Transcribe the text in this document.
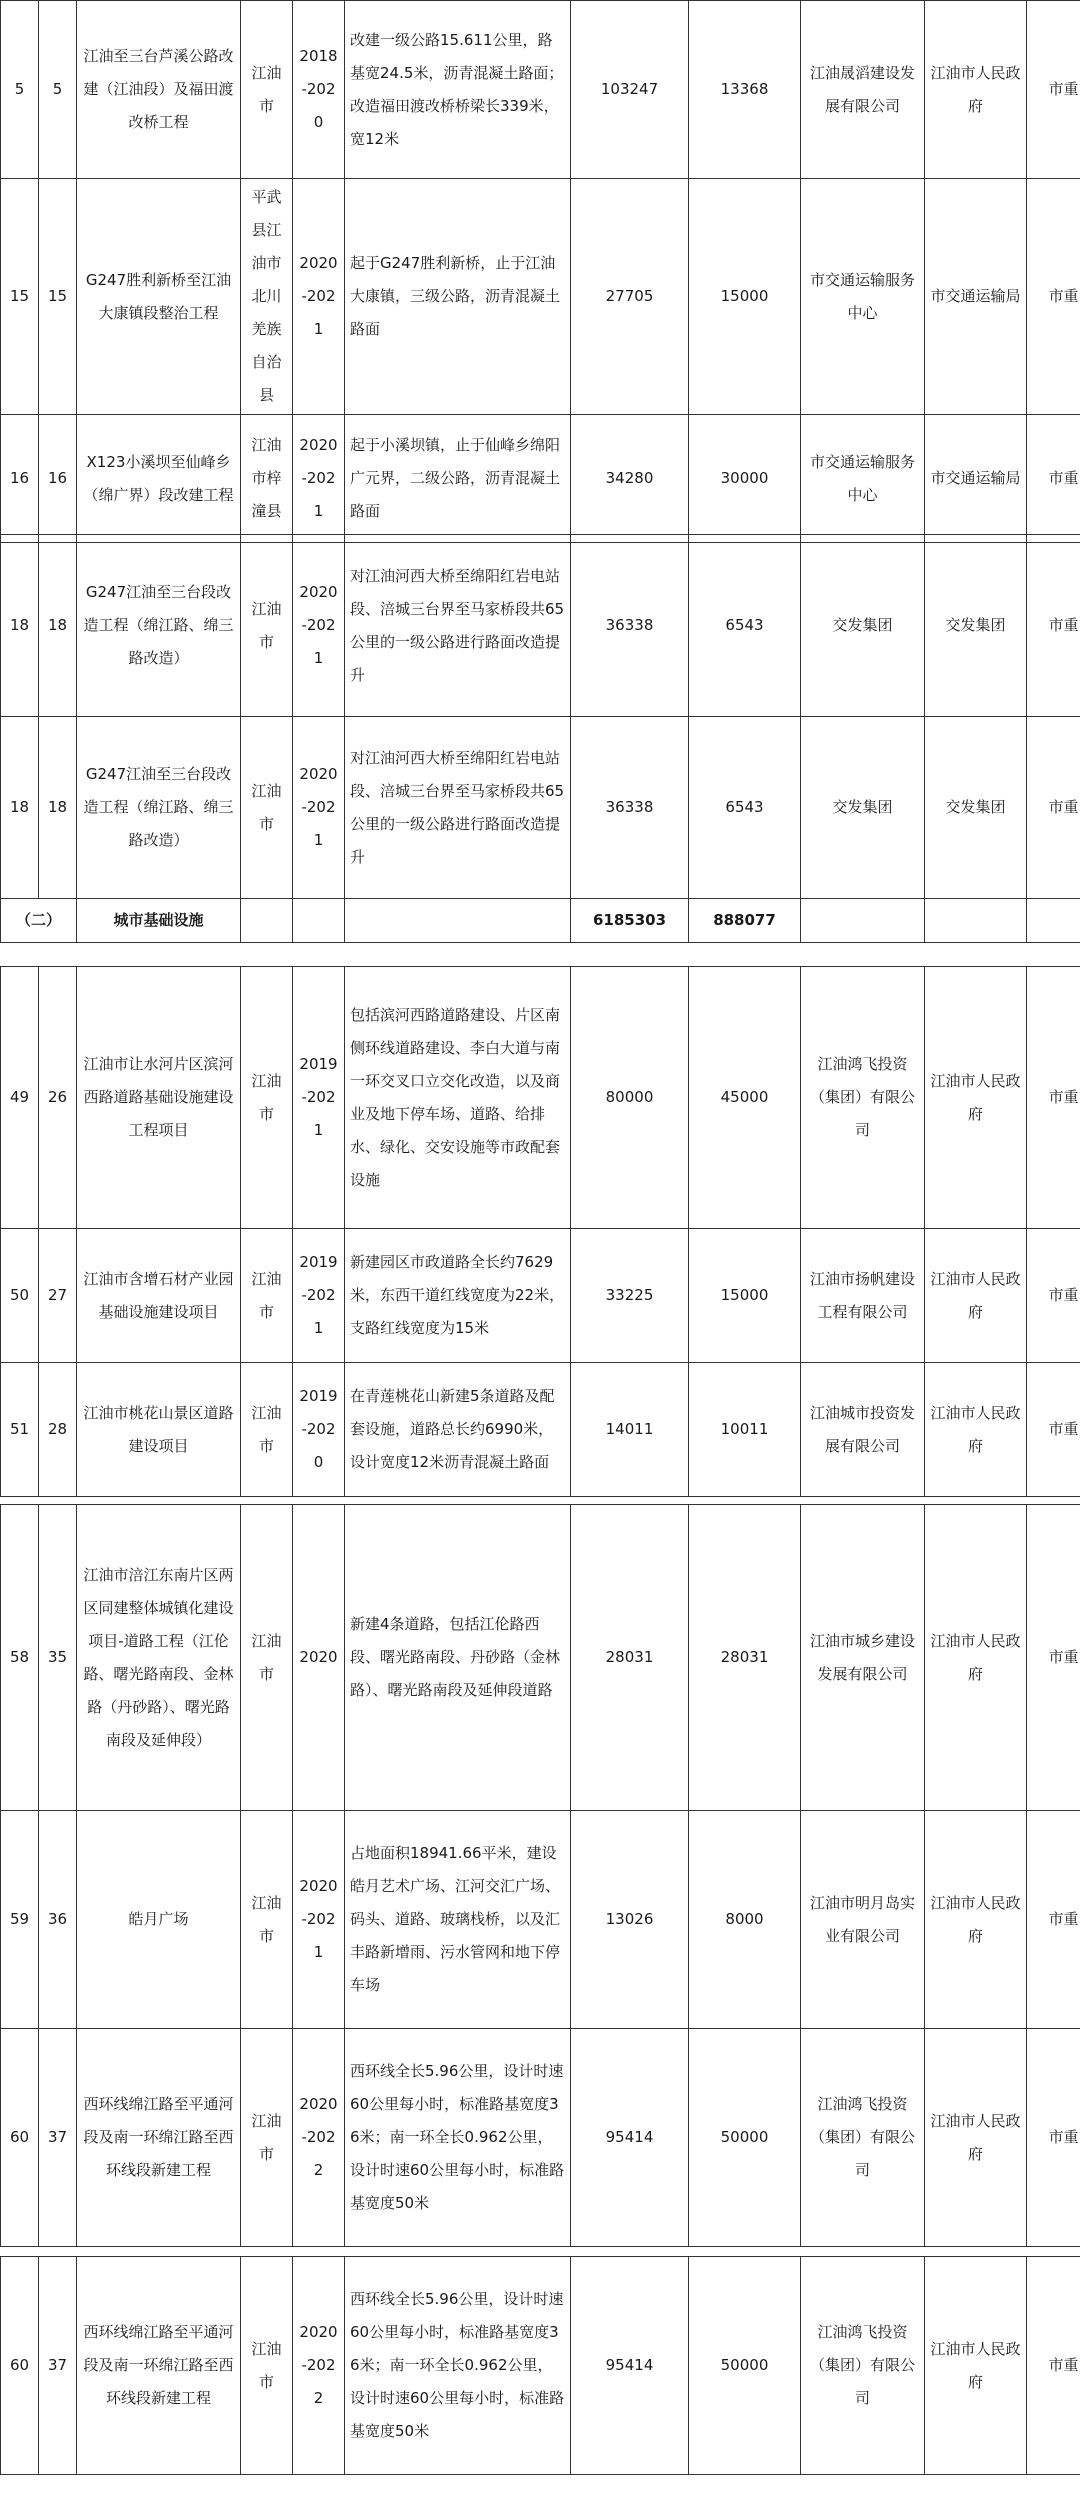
5	5	江油至三台芦溪公路改建（江油段）及福田渡改桥工程	江油市	2018-2020	改建一级公路15.611公里，路基宽24.5米，沥青混凝土路面；改造福田渡改桥桥梁长339米，宽12米	103247	13368	江油晟滔建设发展有限公司	江油市人民政府	市重
15	15	G247胜利新桥至江油大康镇段整治工程	平武县江油市北川羌族自治县	2020-2021	起于G247胜利新桥，止于江油大康镇，三级公路，沥青混凝土路面	27705	15000	市交通运输服务中心	市交通运输局	市重
16	16	X123小溪坝至仙峰乡（绵广界）段改建工程	江油市梓潼县	2020-2021	起于小溪坝镇，止于仙峰乡绵阳广元界，二级公路，沥青混凝土路面	34280	30000	市交通运输服务中心	市交通运输局	市重
18	18	G247江油至三台段改造工程（绵江路、绵三路改造）	江油市	2020-2021	对江油河西大桥至绵阳红岩电站段、涪城三台界至马家桥段共65公里的一级公路进行路面改造提升	36338	6543	交发集团	交发集团	市重
18	18	G247江油至三台段改造工程（绵江路、绵三路改造）	江油市	2020-2021	对江油河西大桥至绵阳红岩电站段、涪城三台界至马家桥段共65公里的一级公路进行路面改造提升	36338	6543	交发集团	交发集团	市重
（二）		城市基础设施				6185303	888077			
49	26	江油市让水河片区滨河西路道路基础设施建设工程项目	江油市	2019-2021	包括滨河西路道路建设、片区南侧环线道路建设、李白大道与南一环交叉口立交化改造，以及商业及地下停车场、道路、给排水、绿化、交安设施等市政配套设施	80000	45000	江油鸿飞投资（集团）有限公司	江油市人民政府	市重
50	27	江油市含增石材产业园基础设施建设项目	江油市	2019-2021	新建园区市政道路全长约7629米，东西干道红线宽度为22米，支路红线宽度为15米	33225	15000	江油市扬帆建设工程有限公司	江油市人民政府	市重
51	28	江油市桃花山景区道路建设项目	江油市	2019-2020	在青莲桃花山新建5条道路及配套设施，道路总长约6990米，设计宽度12米沥青混凝土路面	14011	10011	江油城市投资发展有限公司	江油市人民政府	市重
58	35	江油市涪江东南片区两区同建整体城镇化建设项目-道路工程（江伦路、曙光路南段、金林路（丹砂路）、曙光路南段及延伸段）	江油市	2020	新建4条道路，包括江伦路西段、曙光路南段、丹砂路（金林路）、曙光路南段及延伸段道路	28031	28031	江油市城乡建设发展有限公司	江油市人民政府	市重
59	36	皓月广场	江油市	2020-2021	占地面积18941.66平米，建设皓月艺术广场、江河交汇广场、码头、道路、玻璃栈桥，以及汇丰路新增雨、污水管网和地下停车场	13026	8000	江油市明月岛实业有限公司	江油市人民政府	市重
60	37	西环线绵江路至平通河段及南一环绵江路至西环线段新建工程	江油市	2020-2022	西环线全长5.96公里，设计时速60公里每小时，标准路基宽度36米；南一环全长0.962公里，设计时速60公里每小时，标准路基宽度50米	95414	50000	江油鸿飞投资（集团）有限公司	江油市人民政府	市重
60	37	西环线绵江路至平通河段及南一环绵江路至西环线段新建工程	江油市	2020-2022	西环线全长5.96公里，设计时速60公里每小时，标准路基宽度36米；南一环全长0.962公里，设计时速60公里每小时，标准路基宽度50米	95414	50000	江油鸿飞投资（集团）有限公司	江油市人民政府	市重
